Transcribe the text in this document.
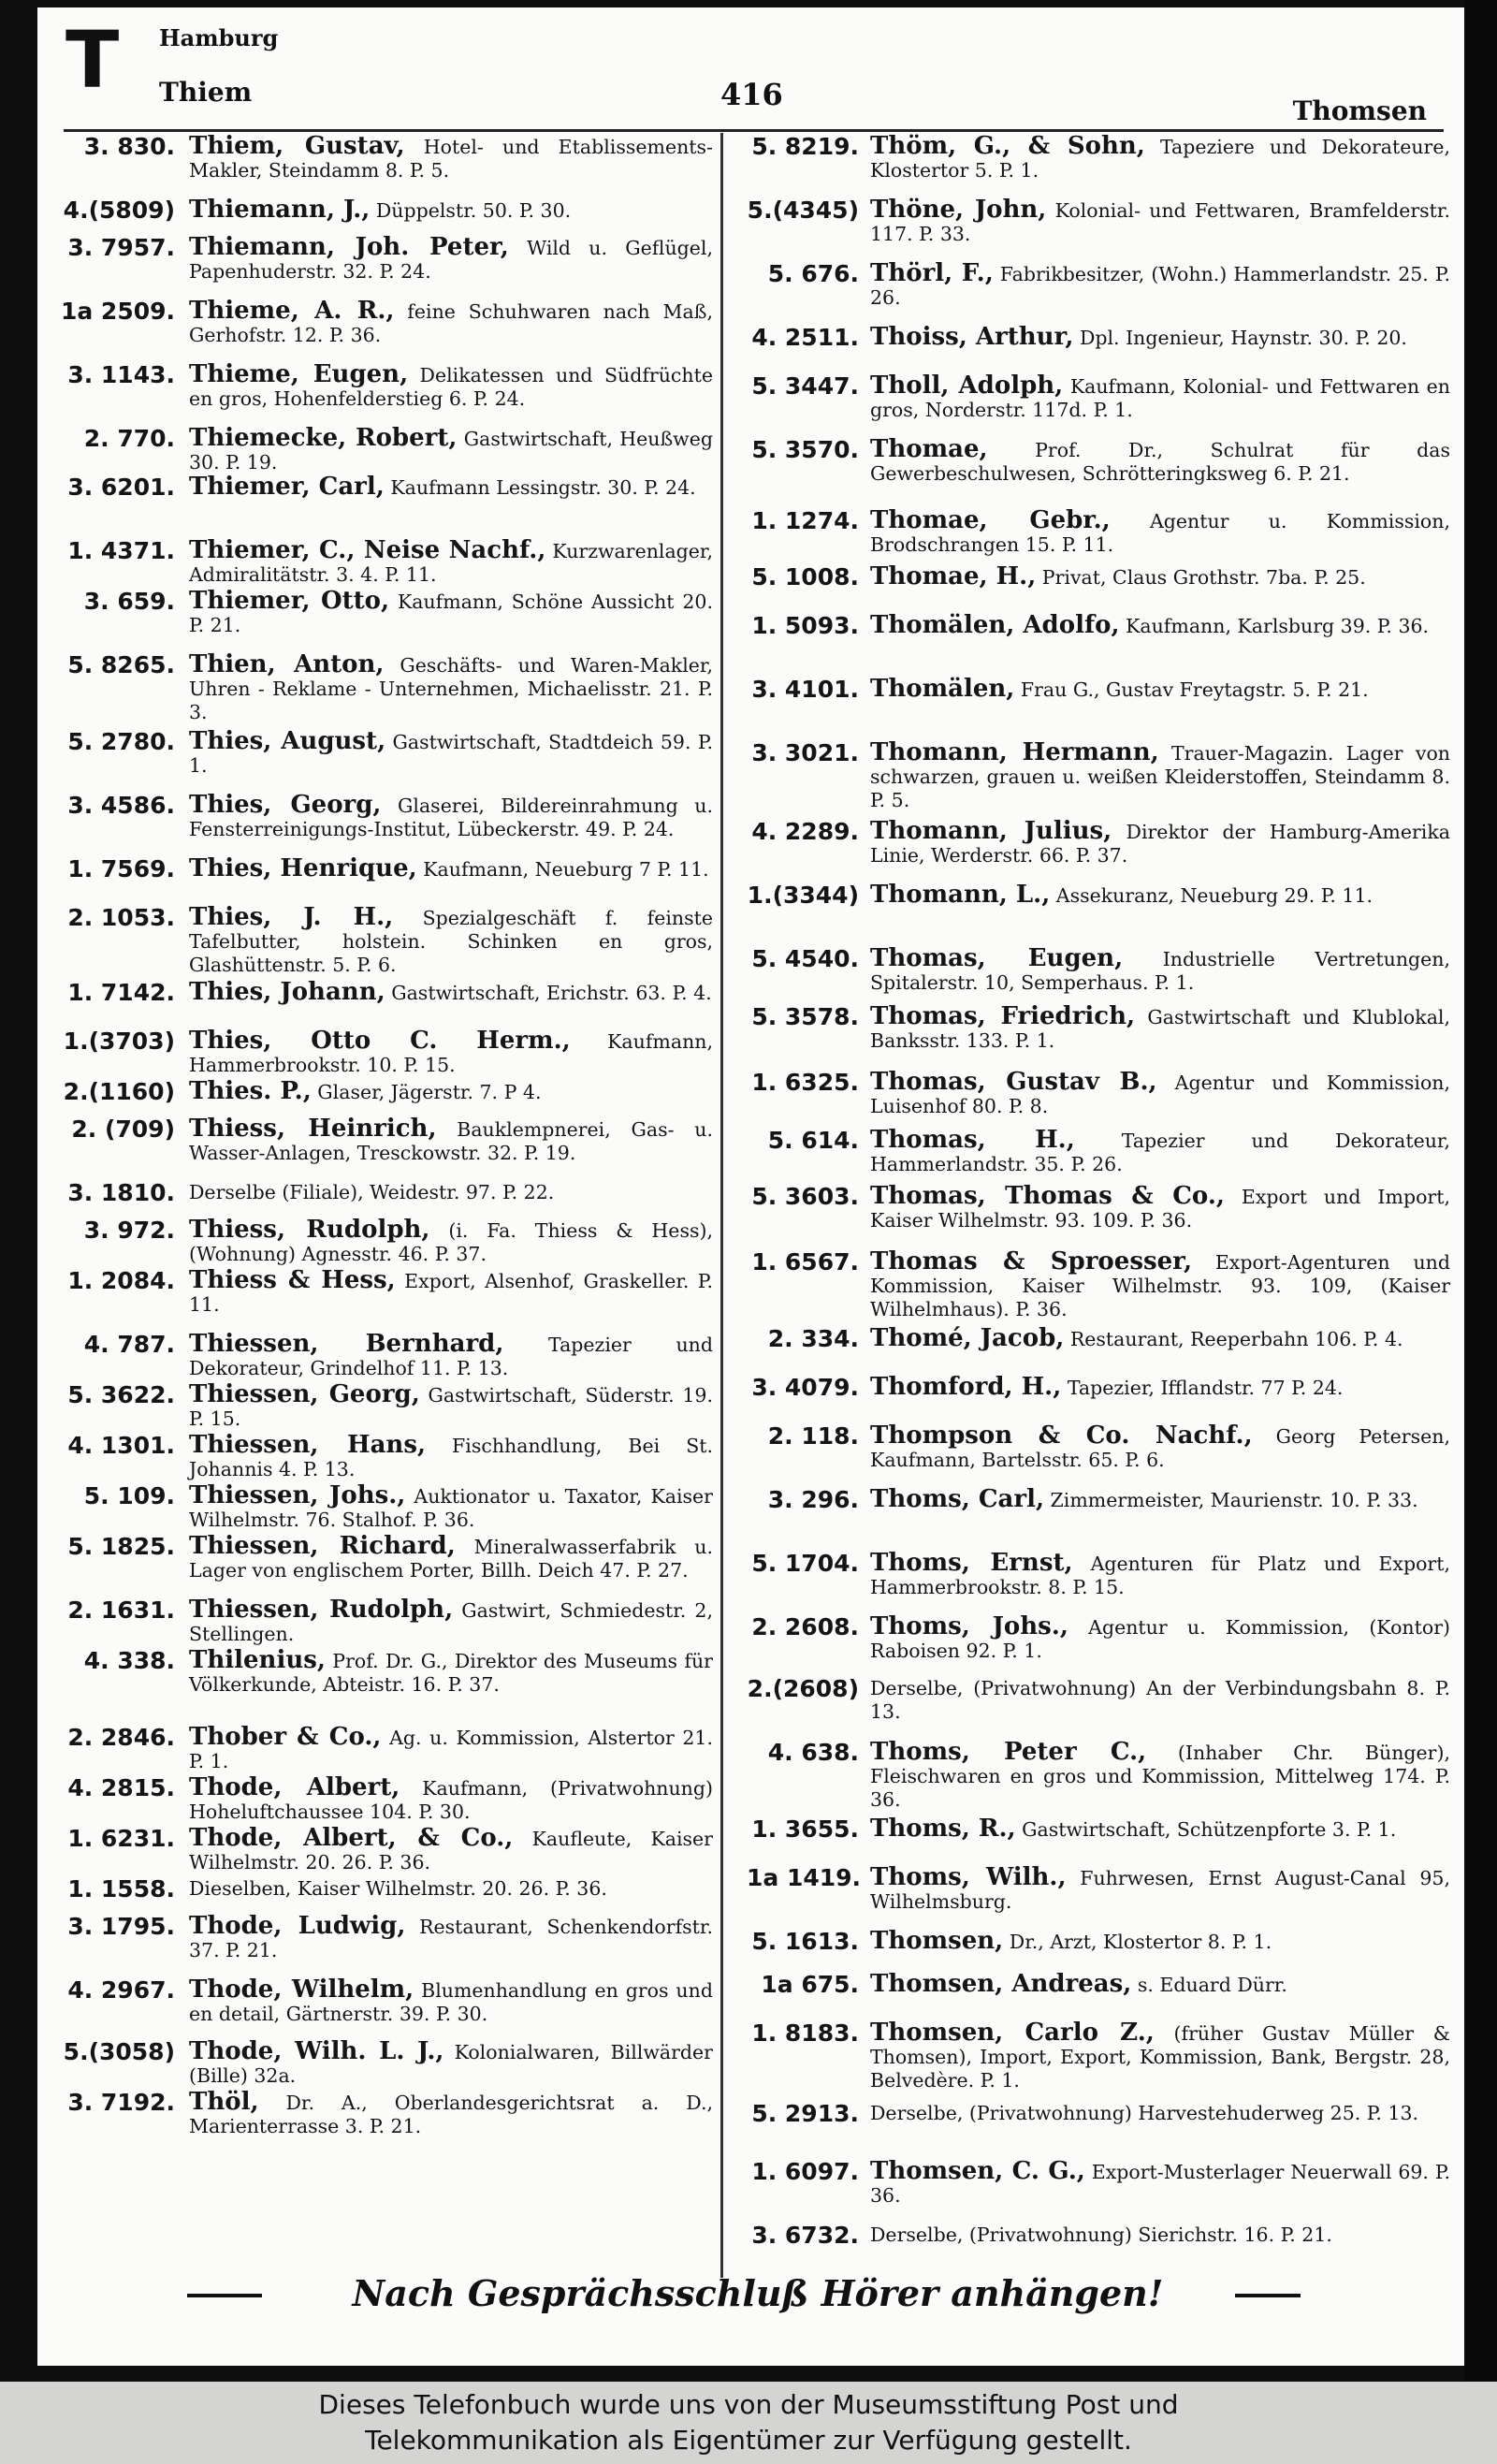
T Hamburg
Thiem	416	Thomsen
3. 830. Thiem, Gustav, Hotel- und Etablissements-Makler, Steindamm 8. P. 5.
4.(5809) Thiemann, J., Düppelstr. 50. P. 30.
3. 7957. Thiemann, Joh. Peter, Wild u. Geflügel, Papenhuderstr. 32. P. 24.
1a 2509. Thieme, A. R., feine Schuhwaren nach Maß, Gerhofstr. 12. P. 36.
3. 1143. Thieme, Eugen, Delikatessen und Südfrüchte en gros, Hohenfelderstieg 6. P. 24.
2. 770. Thiemecke, Robert, Gastwirtschaft, Heußweg 30. P. 19.
3. 6201. Thiemer, Carl, Kaufmann Lessingstr. 30. P. 24.
1. 4371. Thiemer, C., Neise Nachf., Kurzwarenlager, Admiralitätstr. 3. 4. P. 11.
3. 659. Thiemer, Otto, Kaufmann, Schöne Aussicht 20. P. 21.
5. 8265. Thien, Anton, Geschäfts- und Waren-Makler, Uhren - Reklame - Unternehmen, Michaelisstr. 21. P. 3.
5. 2780. Thies, August, Gastwirtschaft, Stadtdeich 59. P. 1.
3. 4586. Thies, Georg, Glaserei, Bildereinrahmung u. Fensterreinigungs-Institut, Lübeckerstr. 49. P. 24.
1. 7569. Thies, Henrique, Kaufmann, Neueburg 7 P. 11.
2. 1053. Thies, J. H., Spezialgeschäft f. feinste Tafelbutter, holstein. Schinken en gros, Glashüttenstr. 5. P. 6.
1. 7142. Thies, Johann, Gastwirtschaft, Erichstr. 63. P. 4.
1.(3703) Thies, Otto C. Herm., Kaufmann, Hammerbrookstr. 10. P. 15.
2.(1160) Thies. P., Glaser, Jägerstr. 7. P 4.
2. (709) Thiess, Heinrich, Bauklempnerei, Gas- u. Wasser-Anlagen, Tresckowstr. 32. P. 19.
3. 1810. Derselbe (Filiale), Weidestr. 97. P. 22.
3. 972. Thiess, Rudolph, (i. Fa. Thiess & Hess), (Wohnung) Agnesstr. 46. P. 37.
1. 2084. Thiess & Hess, Export, Alsenhof, Graskeller. P. 11.
4. 787. Thiessen, Bernhard, Tapezier und Dekorateur, Grindelhof 11. P. 13.
5. 3622. Thiessen, Georg, Gastwirtschaft, Süderstr. 19. P. 15.
4. 1301. Thiessen, Hans, Fischhandlung, Bei St. Johannis 4. P. 13.
5. 109. Thiessen, Johs., Auktionator u. Taxator, Kaiser Wilhelmstr. 76. Stalhof. P. 36.
5. 1825. Thiessen, Richard, Mineralwasserfabrik u. Lager von englischem Porter, Billh. Deich 47. P. 27.
2. 1631. Thiessen, Rudolph, Gastwirt, Schmiedestr. 2, Stellingen.
4. 338. Thilenius, Prof. Dr. G., Direktor des Museums für Völkerkunde, Abteistr. 16. P. 37.
2. 2846. Thober & Co., Ag. u. Kommission, Alstertor 21. P. 1.
4. 2815. Thode, Albert, Kaufmann, (Privatwohnung) Hoheluftchaussee 104. P. 30.
1. 6231. Thode, Albert, & Co., Kaufleute, Kaiser Wilhelmstr. 20. 26. P. 36.
1. 1558. Dieselben, Kaiser Wilhelmstr. 20. 26. P. 36.
3. 1795. Thode, Ludwig, Restaurant, Schenkendorfstr. 37. P. 21.
4. 2967. Thode, Wilhelm, Blumenhandlung en gros und en detail, Gärtnerstr. 39. P. 30.
5.(3058) Thode, Wilh. L. J., Kolonialwaren, Billwärder (Bille) 32a.
3. 7192. Thöl, Dr. A., Oberlandesgerichtsrat a. D., Marienterrasse 3. P. 21.
5. 8219. Thöm, G., & Sohn, Tapeziere und Dekorateure, Klostertor 5. P. 1.
5.(4345) Thöne, John, Kolonial- und Fettwaren, Bramfelderstr. 117. P. 33.
5. 676. Thörl, F., Fabrikbesitzer, (Wohn.) Hammerlandstr. 25. P. 26.
4. 2511. Thoiss, Arthur, Dpl. Ingenieur, Haynstr. 30. P. 20.
5. 3447. Tholl, Adolph, Kaufmann, Kolonial- und Fettwaren en gros, Norderstr. 117d. P. 1.
5. 3570. Thomae, Prof. Dr., Schulrat für das Gewerbeschulwesen, Schrötteringksweg 6. P. 21.
1. 1274. Thomae, Gebr., Agentur u. Kommission, Brodschrangen 15. P. 11.
5. 1008. Thomae, H., Privat, Claus Grothstr. 7ba. P. 25.
1. 5093. Thomälen, Adolfo, Kaufmann, Karlsburg 39. P. 36.
3. 4101. Thomälen, Frau G., Gustav Freytagstr. 5. P. 21.
3. 3021. Thomann, Hermann, Trauer-Magazin. Lager von schwarzen, grauen u. weißen Kleiderstoffen, Steindamm 8. P. 5.
4. 2289. Thomann, Julius, Direktor der Hamburg-Amerika Linie, Werderstr. 66. P. 37.
1.(3344) Thomann, L., Assekuranz, Neueburg 29. P. 11.
5. 4540. Thomas, Eugen, Industrielle Vertretungen, Spitalerstr. 10, Semperhaus. P. 1.
5. 3578. Thomas, Friedrich, Gastwirtschaft und Klublokal, Banksstr. 133. P. 1.
1. 6325. Thomas, Gustav B., Agentur und Kommission, Luisenhof 80. P. 8.
5. 614. Thomas, H., Tapezier und Dekorateur, Hammerlandstr. 35. P. 26.
5. 3603. Thomas, Thomas & Co., Export und Import, Kaiser Wilhelmstr. 93. 109. P. 36.
1. 6567. Thomas & Sproesser, Export-Agenturen und Kommission, Kaiser Wilhelmstr. 93. 109, (Kaiser Wilhelmhaus). P. 36.
2. 334. Thomé, Jacob, Restaurant, Reeperbahn 106. P. 4.
3. 4079. Thomford, H., Tapezier, Ifflandstr. 77 P. 24.
2. 118. Thompson & Co. Nachf., Georg Petersen, Kaufmann, Bartelsstr. 65. P. 6.
3. 296. Thoms, Carl, Zimmermeister, Maurienstr. 10. P. 33.
5. 1704. Thoms, Ernst, Agenturen für Platz und Export, Hammerbrookstr. 8. P. 15.
2. 2608. Thoms, Johs., Agentur u. Kommission, (Kontor) Raboisen 92. P. 1.
2.(2608) Derselbe, (Privatwohnung) An der Verbindungsbahn 8. P. 13.
4. 638. Thoms, Peter C., (Inhaber Chr. Bünger), Fleischwaren en gros und Kommission, Mittelweg 174. P. 36.
1. 3655. Thoms, R., Gastwirtschaft, Schützenpforte 3. P. 1.
1a 1419. Thoms, Wilh., Fuhrwesen, Ernst August-Canal 95, Wilhelmsburg.
5. 1613. Thomsen, Dr., Arzt, Klostertor 8. P. 1.
1a 675. Thomsen, Andreas, s. Eduard Dürr.
1. 8183. Thomsen, Carlo Z., (früher Gustav Müller & Thomsen), Import, Export, Kommission, Bank, Bergstr. 28, Belvedère. P. 1.
5. 2913. Derselbe, (Privatwohnung) Harvestehuderweg 25. P. 13.
1. 6097. Thomsen, C. G., Export-Musterlager Neuerwall 69. P. 36.
3. 6732. Derselbe, (Privatwohnung) Sierichstr. 16. P. 21.
Nach Gesprächsschluß Hörer anhängen!
Dieses Telefonbuch wurde uns von der Museumsstiftung Post und
Telekommunikation als Eigentümer zur Verfügung gestellt.
